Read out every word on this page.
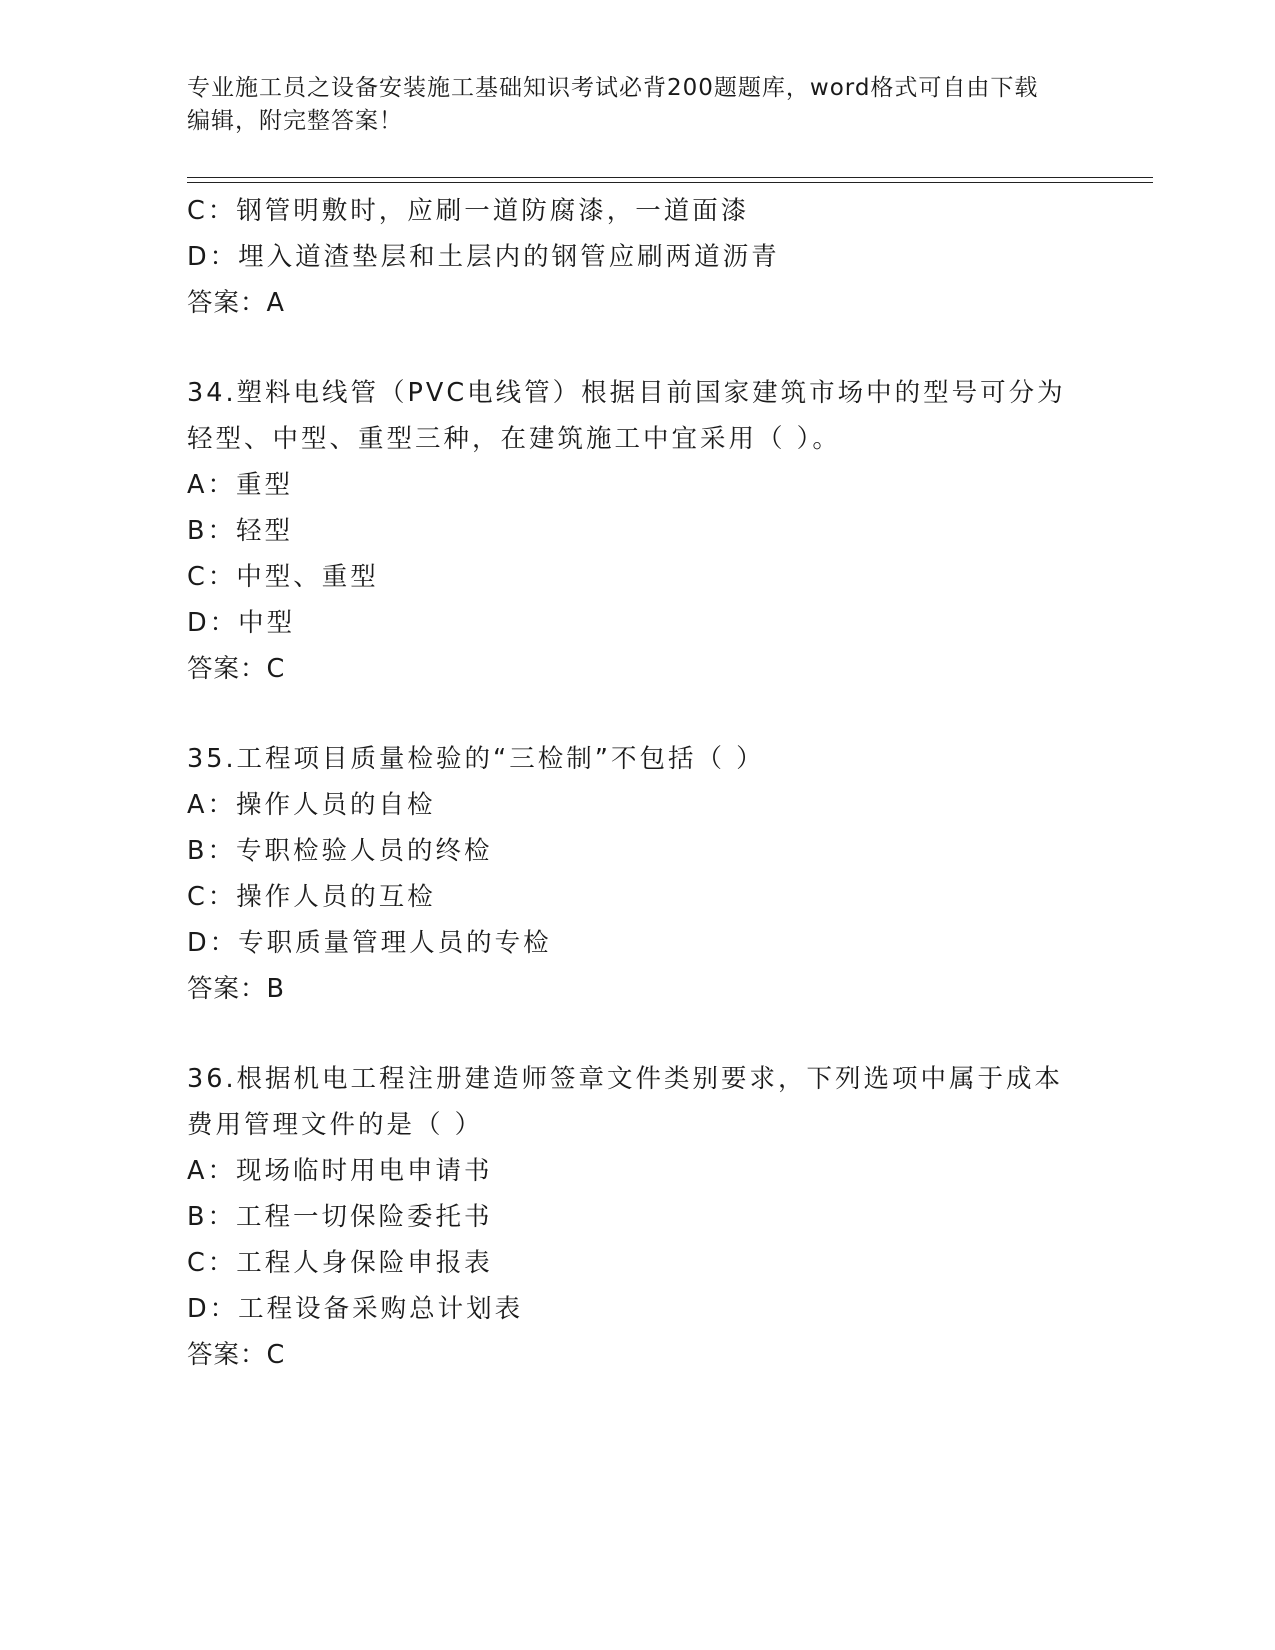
专业施工员之设备安装施工基础知识考试必背200题题库，word格式可自由下载
编辑，附完整答案！
C：钢管明敷时，应刷一道防腐漆，一道面漆
D：埋入道渣垫层和土层内的钢管应刷两道沥青
答案：A
34.塑料电线管（PVC电线管）根据目前国家建筑市场中的型号可分为
轻型、中型、重型三种，在建筑施工中宜采用（ ）。
A：重型
B：轻型
C：中型、重型
D：中型
答案：C
35.工程项目质量检验的“三检制”不包括（ ）
A：操作人员的自检
B：专职检验人员的终检
C：操作人员的互检
D：专职质量管理人员的专检
答案：B
36.根据机电工程注册建造师签章文件类别要求，下列选项中属于成本
费用管理文件的是（ ）
A：现场临时用电申请书
B：工程一切保险委托书
C：工程人身保险申报表
D：工程设备采购总计划表
答案：C
